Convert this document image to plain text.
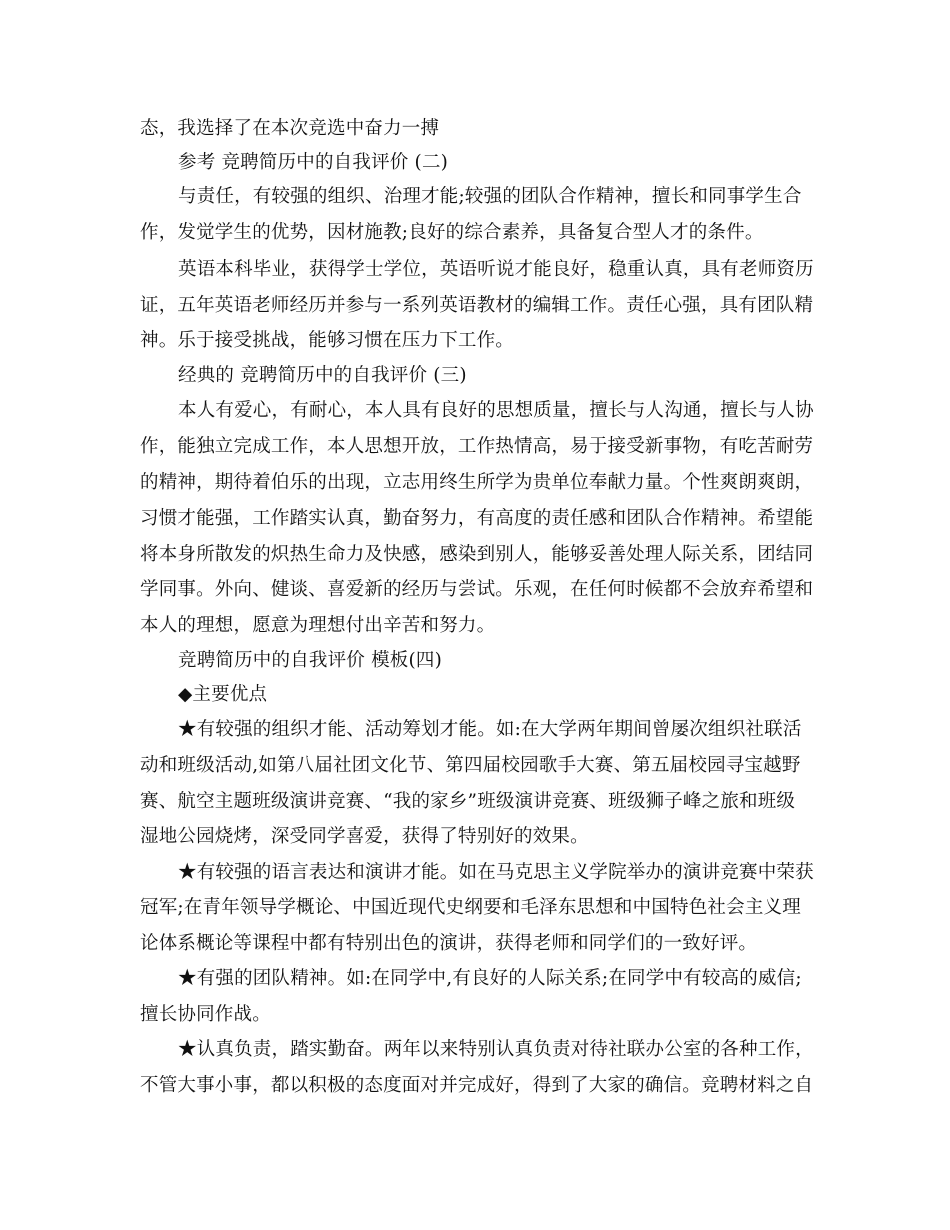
态，我选择了在本次竞选中奋力一搏
参考 竞聘简历中的自我评价 (二)
与责任，有较强的组织、治理才能;较强的团队合作精神，擅长和同事学生合
作，发觉学生的优势，因材施教;良好的综合素养，具备复合型人才的条件。
英语本科毕业，获得学士学位，英语听说才能良好，稳重认真，具有老师资历
证，五年英语老师经历并参与一系列英语教材的编辑工作。责任心强，具有团队精
神。乐于接受挑战，能够习惯在压力下工作。
经典的 竞聘简历中的自我评价 (三)
本人有爱心，有耐心，本人具有良好的思想质量，擅长与人沟通，擅长与人协
作，能独立完成工作，本人思想开放，工作热情高，易于接受新事物，有吃苦耐劳
的精神，期待着伯乐的出现，立志用终生所学为贵单位奉献力量。个性爽朗爽朗，
习惯才能强，工作踏实认真，勤奋努力，有高度的责任感和团队合作精神。希望能
将本身所散发的炽热生命力及快感，感染到别人，能够妥善处理人际关系，团结同
学同事。外向、健谈、喜爱新的经历与尝试。乐观，在任何时候都不会放弃希望和
本人的理想，愿意为理想付出辛苦和努力。
竞聘简历中的自我评价 模板(四)
◆主要优点
★有较强的组织才能、活动筹划才能。如:在大学两年期间曾屡次组织社联活
动和班级活动,如第八届社团文化节、第四届校园歌手大赛、第五届校园寻宝越野
赛、航空主题班级演讲竞赛、“我的家乡”班级演讲竞赛、班级狮子峰之旅和班级
湿地公园烧烤，深受同学喜爱，获得了特别好的效果。
★有较强的语言表达和演讲才能。如在马克思主义学院举办的演讲竞赛中荣获
冠军;在青年领导学概论、中国近现代史纲要和毛泽东思想和中国特色社会主义理
论体系概论等课程中都有特别出色的演讲，获得老师和同学们的一致好评。
★有强的团队精神。如:在同学中,有良好的人际关系;在同学中有较高的威信;
擅长协同作战。
★认真负责，踏实勤奋。两年以来特别认真负责对待社联办公室的各种工作，
不管大事小事，都以积极的态度面对并完成好，得到了大家的确信。竞聘材料之自
